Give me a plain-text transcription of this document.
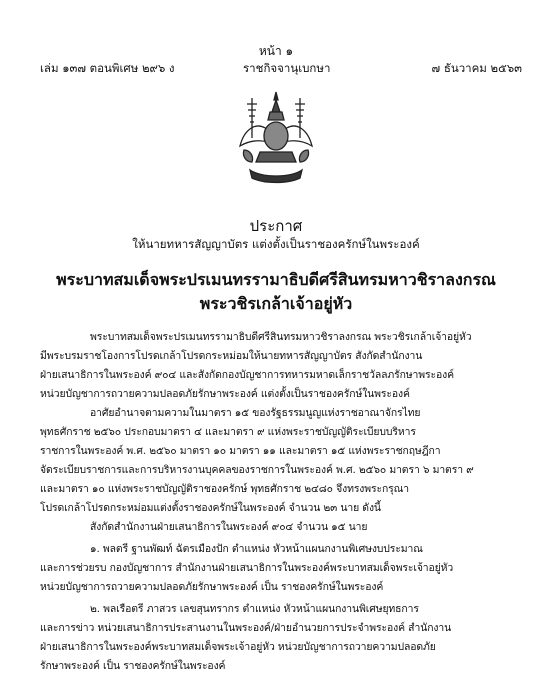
หน้า ๑
เล่ม ๑๓๗ ตอนพิเศษ ๒๙๖ ง	ราชกิจจานุเบกษา	๗ ธันวาคม ๒๕๖๓
ประกาศ
ให้นายทหารสัญญาบัตร แต่งตั้งเป็นราชองครักษ์ในพระองค์
พระบาทสมเด็จพระปรเมนทรรามาธิบดีศรีสินทรมหาวชิราลงกรณ
พระวชิรเกล้าเจ้าอยู่หัว
พระบาทสมเด็จพระปรเมนทรรามาธิบดีศรีสินทรมหาวชิราลงกรณ พระวชิรเกล้าเจ้าอยู่หัว
มีพระบรมราชโองการโปรดเกล้าโปรดกระหม่อมให้นายทหารสัญญาบัตร สังกัดสำนักงาน
ฝ่ายเสนาธิการในพระองค์ ๙๐๔ และสังกัดกองบัญชาการทหารมหาดเล็กราชวัลลภรักษาพระองค์
หน่วยบัญชาการถวายความปลอดภัยรักษาพระองค์ แต่งตั้งเป็นราชองครักษ์ในพระองค์
อาศัยอำนาจตามความในมาตรา ๑๕ ของรัฐธรรมนูญแห่งราชอาณาจักรไทย
พุทธศักราช ๒๕๖๐ ประกอบมาตรา ๔ และมาตรา ๙ แห่งพระราชบัญญัติระเบียบบริหาร
ราชการในพระองค์ พ.ศ. ๒๕๖๐ มาตรา ๑๐ มาตรา ๑๑ และมาตรา ๑๕ แห่งพระราชกฤษฎีกา
จัดระเบียบราชการและการบริหารงานบุคคลของราชการในพระองค์ พ.ศ. ๒๕๖๐ มาตรา ๖ มาตรา ๙
และมาตรา ๑๐ แห่งพระราชบัญญัติราชองครักษ์ พุทธศักราช ๒๔๘๐ จึงทรงพระกรุณา
โปรดเกล้าโปรดกระหม่อมแต่งตั้งราชองครักษ์ในพระองค์ จำนวน ๒๓ นาย ดังนี้
สังกัดสำนักงานฝ่ายเสนาธิการในพระองค์ ๙๐๔ จำนวน ๑๕ นาย
๑. พลตรี ฐานพัฒท์ ฉัตรเมืองปัก ตำแหน่ง หัวหน้าแผนกงานพิเศษงบประมาณ
และการช่วยรบ กองบัญชาการ สำนักงานฝ่ายเสนาธิการในพระองค์พระบาทสมเด็จพระเจ้าอยู่หัว
หน่วยบัญชาการถวายความปลอดภัยรักษาพระองค์ เป็น ราชองครักษ์ในพระองค์
๒. พลเรือตรี ภาสวร เลขสุนทรากร ตำแหน่ง หัวหน้าแผนกงานพิเศษยุทธการ
และการข่าว หน่วยเสนาธิการประสานงานในพระองค์/ฝ่ายอำนวยการประจำพระองค์ สำนักงาน
ฝ่ายเสนาธิการในพระองค์พระบาทสมเด็จพระเจ้าอยู่หัว หน่วยบัญชาการถวายความปลอดภัย
รักษาพระองค์ เป็น ราชองครักษ์ในพระองค์
